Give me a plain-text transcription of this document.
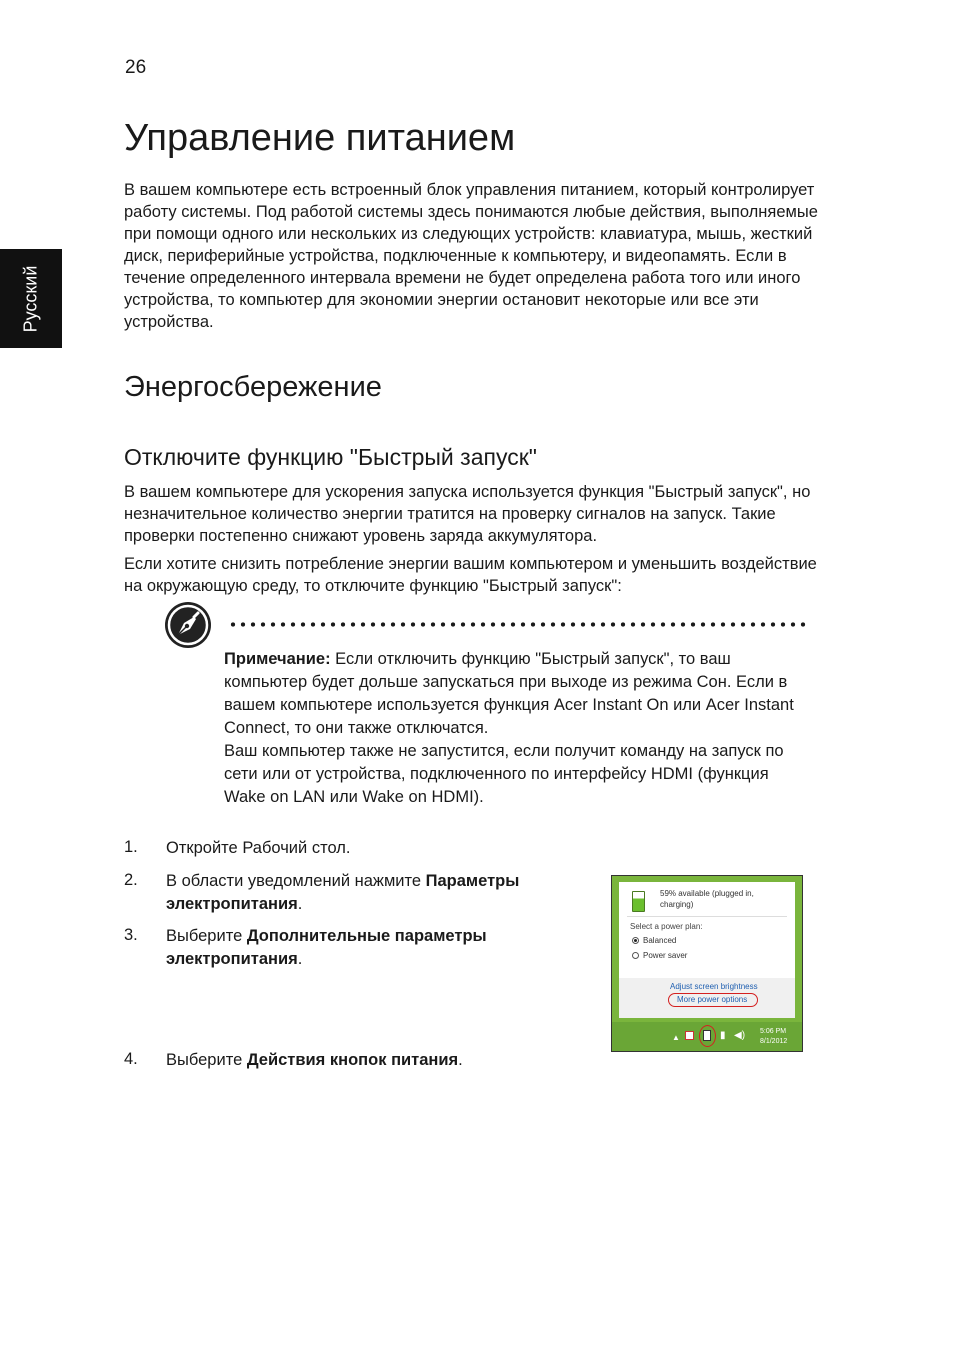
26
Русский
Управление питанием

В вашем компьютере есть встроенный блок управления питанием, который контролирует работу системы. Под работой системы здесь понимаются любые действия, выполняемые при помощи одного или нескольких из следующих устройств: клавиатура, мышь, жесткий диск, периферийные устройства, подключенные к компьютеру, и видеопамять. Если в течение определенного интервала времени не будет определена работа того или иного устройства, то компьютер для экономии энергии остановит некоторые или все эти устройства.

Энергосбережение
Отключите функцию "Быстрый запуск"

В вашем компьютере для ускорения запуска используется функция "Быстрый запуск", но незначительное количество энергии тратится на проверку сигналов на запуск. Такие проверки постепенно снижают уровень заряда аккумулятора.

Если хотите снизить потребление энергии вашим компьютером и уменьшить воздействие на окружающую среду, то отключите функцию "Быстрый запуск":

Примечание: Если отключить функцию "Быстрый запуск", то ваш компьютер будет дольше запускаться при выходе из режима Сон. Если в вашем компьютере используется функция Acer Instant On или Acer Instant Connect, то они также отключатся.
Ваш компьютер также не запустится, если получит команду на запуск по сети или от устройства, подключенного по интерфейсу HDMI (функция Wake on LAN или Wake on HDMI).
1. Откройте Рабочий стол.
2. В области уведомлений нажмите Параметры электропитания.
3. Выберите Дополнительные параметры электропитания.
4. Выберите Действия кнопок питания.
59% available (plugged in, charging)
Select a power plan:
Balanced
Power saver
Adjust screen brightness
More power options
▲	▮ ◀) 5:06 PM
8/1/2012
